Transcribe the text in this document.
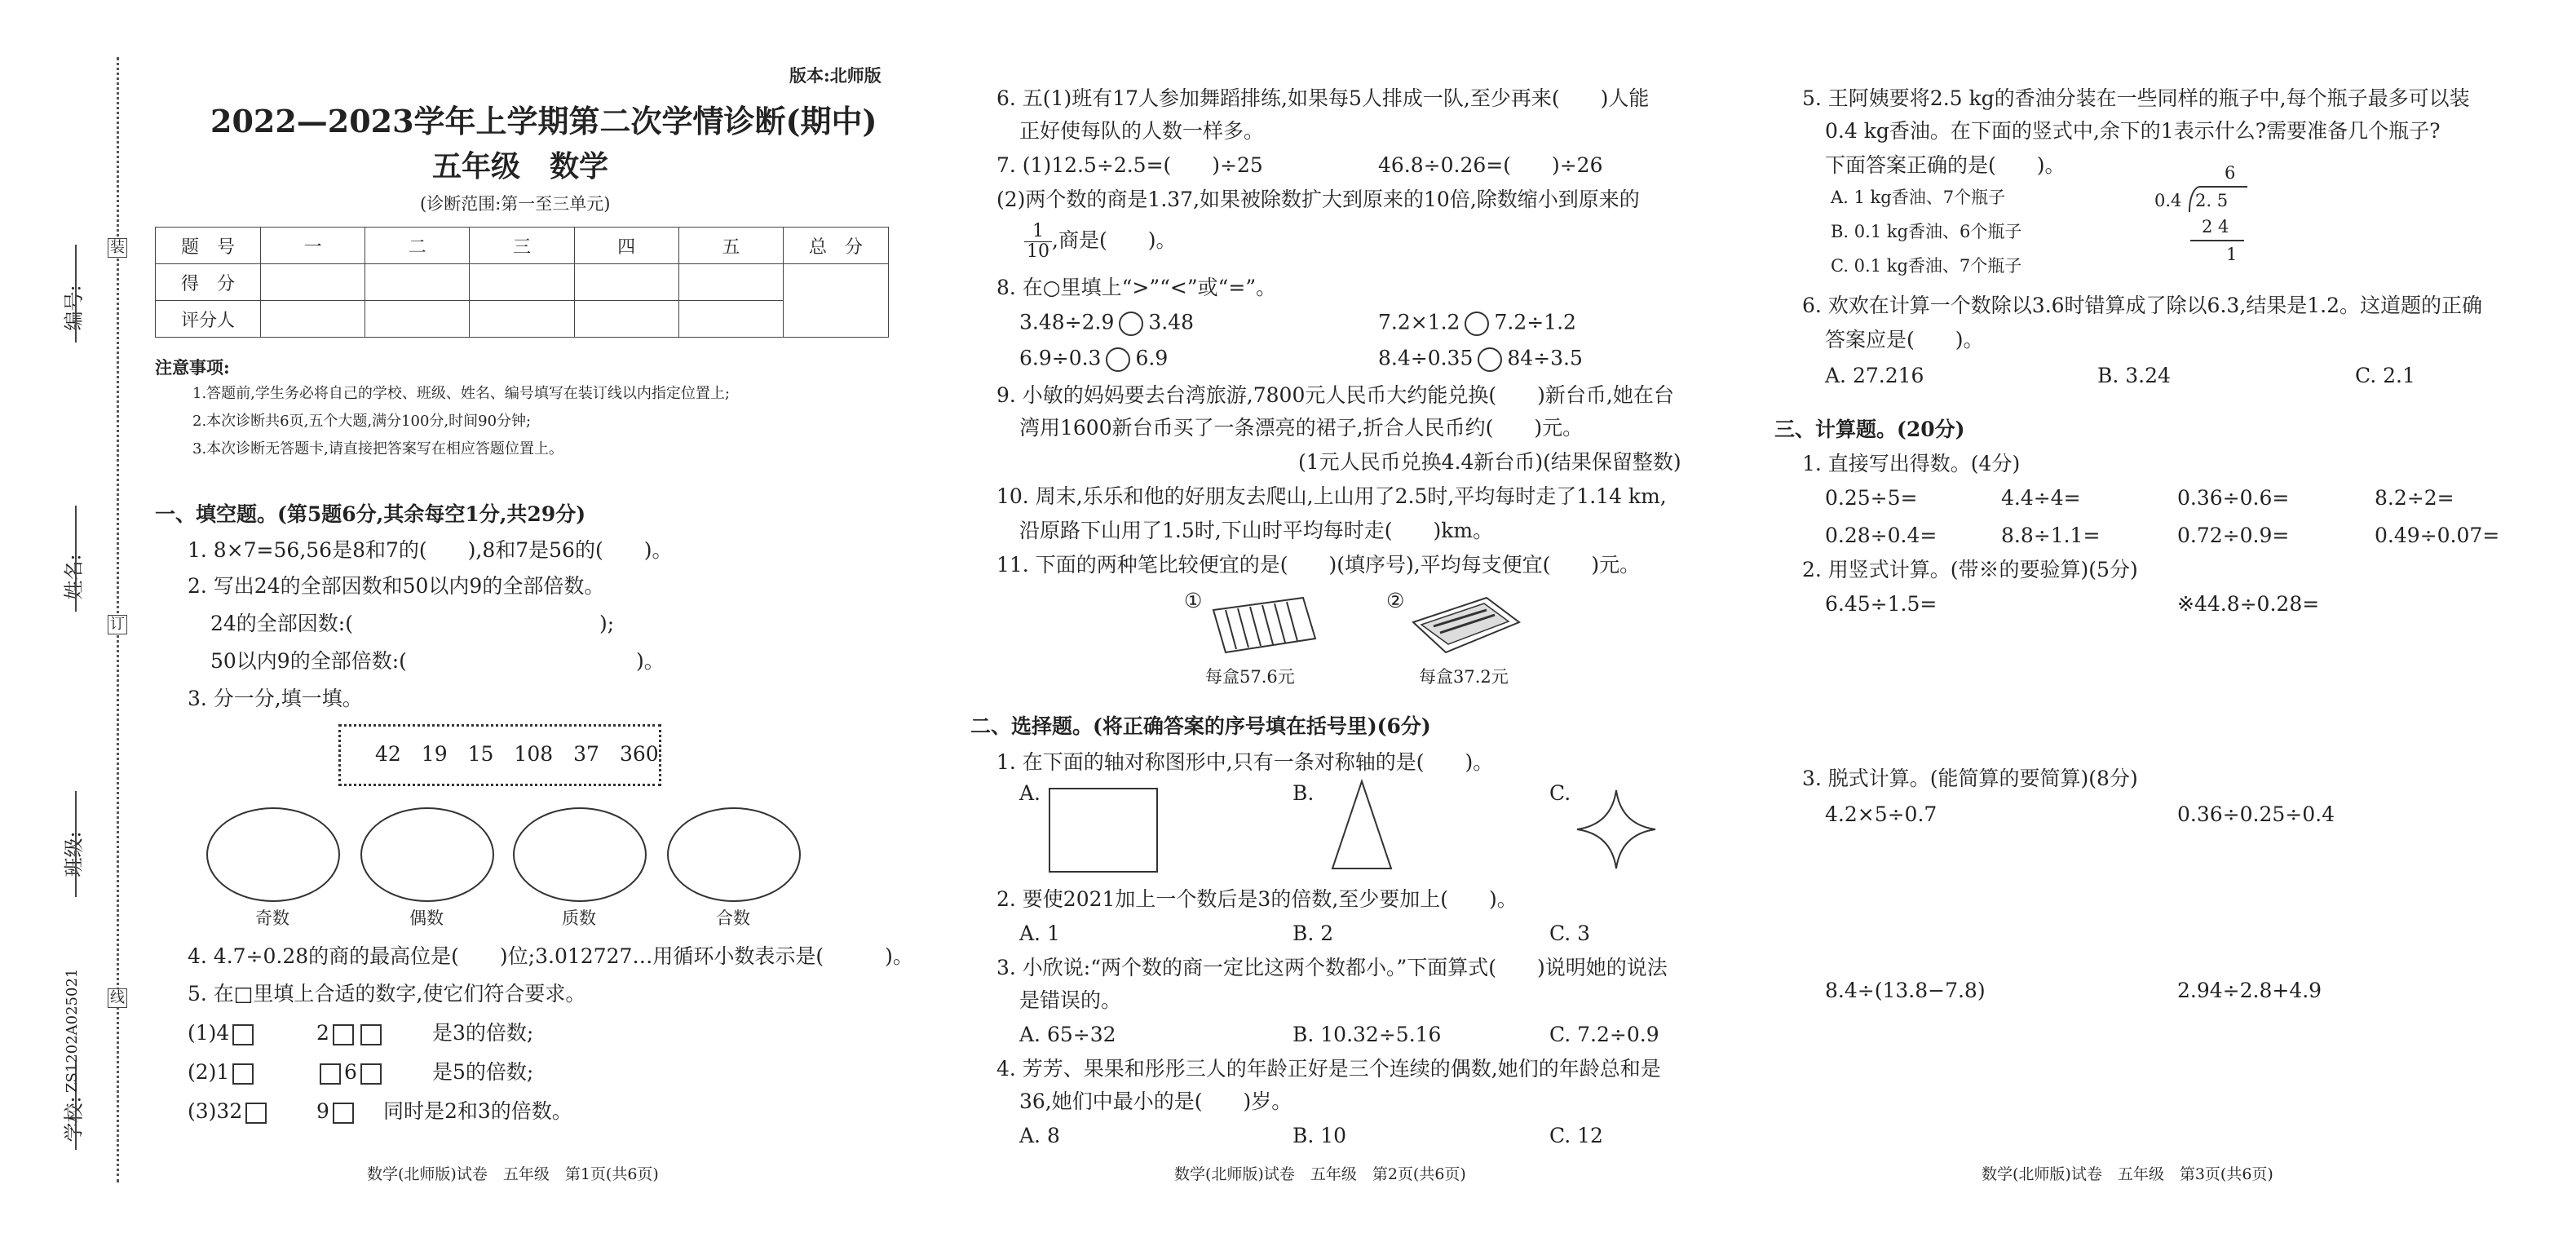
编号:
姓名:
班级:
学校:
装
订
线
ZS1202A025021
版本:北师版
2022—2023学年上学期第二次学情诊断(期中)
五年级　数学
(诊断范围:第一至三单元)
题　号	一	二	三	四	五	总　分
得　分						
评分人						
注意事项:
1.答题前,学生务必将自己的学校、班级、姓名、编号填写在装订线以内指定位置上;
2.本次诊断共6页,五个大题,满分100分,时间90分钟;
3.本次诊断无答题卡,请直接把答案写在相应答题位置上。
一、填空题。(第5题6分,其余每空1分,共29分)
1. 8×7=56,56是8和7的(　　),8和7是56的(　　)。
2. 写出24的全部因数和50以内9的全部倍数。
24的全部因数:(	);
50以内9的全部倍数:(	)。
3. 分一分,填一填。
42　19　15　108　37　360
奇数	偶数	质数	合数
4. 4.7÷0.28的商的最高位是(　　)位;3.012727…用循环小数表示是(　　　)。
5. 在□里填上合适的数字,使它们符合要求。
(1)4	2	是3的倍数;
(2)1	6	是5的倍数;
(3)32	9	同时是2和3的倍数。
数学(北师版)试卷　五年级　第1页(共6页)
6. 五(1)班有17人参加舞蹈排练,如果每5人排成一队,至少再来(　　)人能
正好使每队的人数一样多。
7. (1)12.5÷2.5=(　　)÷25	46.8÷0.26=(　　)÷26
(2)两个数的商是1.37,如果被除数扩大到原来的10倍,除数缩小到原来的
$\frac{1}{10}$ ,商是(　　)。
8. 在○里填上“>”“<”或“=”。
3.48÷2.9 3.48	7.2×1.2 7.2÷1.2
6.9÷0.3 6.9	8.4÷0.35 84÷3.5
9. 小敏的妈妈要去台湾旅游,7800元人民币大约能兑换(　　)新台币,她在台
湾用1600新台币买了一条漂亮的裙子,折合人民币约(　　)元。
(1元人民币兑换4.4新台币)(结果保留整数)
10. 周末,乐乐和他的好朋友去爬山,上山用了2.5时,平均每时走了1.14 km,
沿原路下山用了1.5时,下山时平均每时走(　　)km。
11. 下面的两种笔比较便宜的是(　　)(填序号),平均每支便宜(　　)元。
①
每盒57.6元
②
每盒37.2元
二、选择题。(将正确答案的序号填在括号里)(6分)
1. 在下面的轴对称图形中,只有一条对称轴的是(　　)。
A.	B.	C.
2. 要使2021加上一个数后是3的倍数,至少要加上(　　)。
A. 1	B. 2	C. 3
3. 小欣说:“两个数的商一定比这两个数都小。”下面算式(　　)说明她的说法
是错误的。
A. 65÷32	B. 10.32÷5.16	C. 7.2÷0.9
4. 芳芳、果果和彤彤三人的年龄正好是三个连续的偶数,她们的年龄总和是
36,她们中最小的是(　　)岁。
A. 8	B. 10	C. 12
数学(北师版)试卷　五年级　第2页(共6页)
5. 王阿姨要将2.5 kg的香油分装在一些同样的瓶子中,每个瓶子最多可以装
0.4 kg香油。在下面的竖式中,余下的1表示什么?需要准备几个瓶子?
下面答案正确的是(　　)。
A. 1 kg香油、7个瓶子
B. 0.1 kg香油、6个瓶子
C. 0.1 kg香油、7个瓶子
6
0.4 2. 5
2 4
1
6. 欢欢在计算一个数除以3.6时错算成了除以6.3,结果是1.2。这道题的正确
答案应是(　　)。
A. 27.216	B. 3.24	C. 2.1
三、计算题。(20分)
1. 直接写出得数。(4分)
0.25÷5=	4.4÷4=	0.36÷0.6=	8.2÷2=
0.28÷0.4=	8.8÷1.1=	0.72÷0.9=	0.49÷0.07=
2. 用竖式计算。(带※的要验算)(5分)
6.45÷1.5=	※44.8÷0.28=
3. 脱式计算。(能简算的要简算)(8分)
4.2×5÷0.7	0.36÷0.25÷0.4
8.4÷(13.8−7.8)	2.94÷2.8+4.9
数学(北师版)试卷　五年级　第3页(共6页)
